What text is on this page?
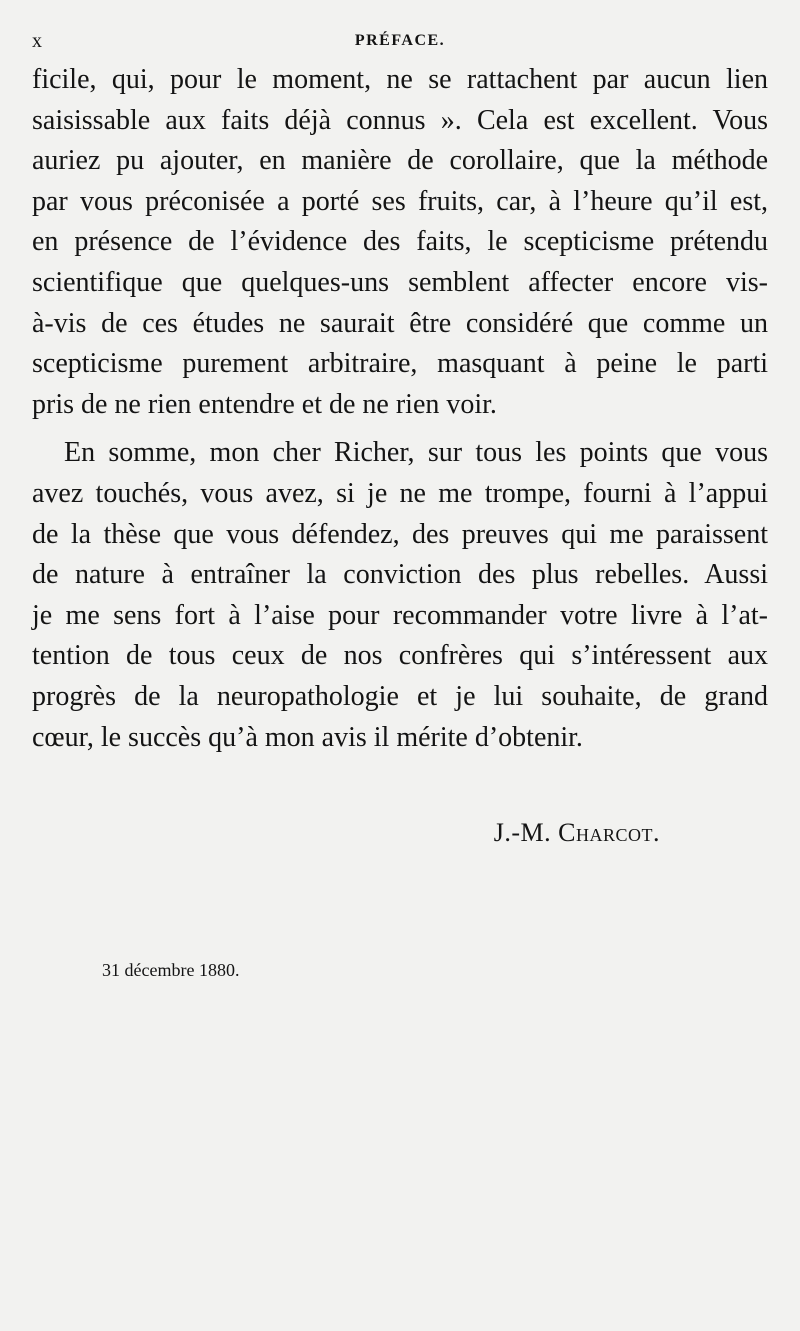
x	PRÉFACE.

ficile, qui, pour le moment, ne se rattachent par aucun lien
saisissable aux faits déjà connus ». Cela est excellent. Vous
auriez pu ajouter, en manière de corollaire, que la méthode
par vous préconisée a porté ses fruits, car, à l’heure qu’il est,
en présence de l’évidence des faits, le scepticisme prétendu
scientifique que quelques-uns semblent affecter encore vis-
à-vis de ces études ne saurait être considéré que comme un
scepticisme purement arbitraire, masquant à peine le parti
pris de ne rien entendre et de ne rien voir.

En somme, mon cher Richer, sur tous les points que vous
avez touchés, vous avez, si je ne me trompe, fourni à l’appui
de la thèse que vous défendez, des preuves qui me paraissent
de nature à entraîner la conviction des plus rebelles. Aussi
je me sens fort à l’aise pour recommander votre livre à l’at-
tention de tous ceux de nos confrères qui s’intéressent aux
progrès de la neuropathologie et je lui souhaite, de grand
cœur, le succès qu’à mon avis il mérite d’obtenir.

J.-M. Charcot.
31 décembre 1880.
